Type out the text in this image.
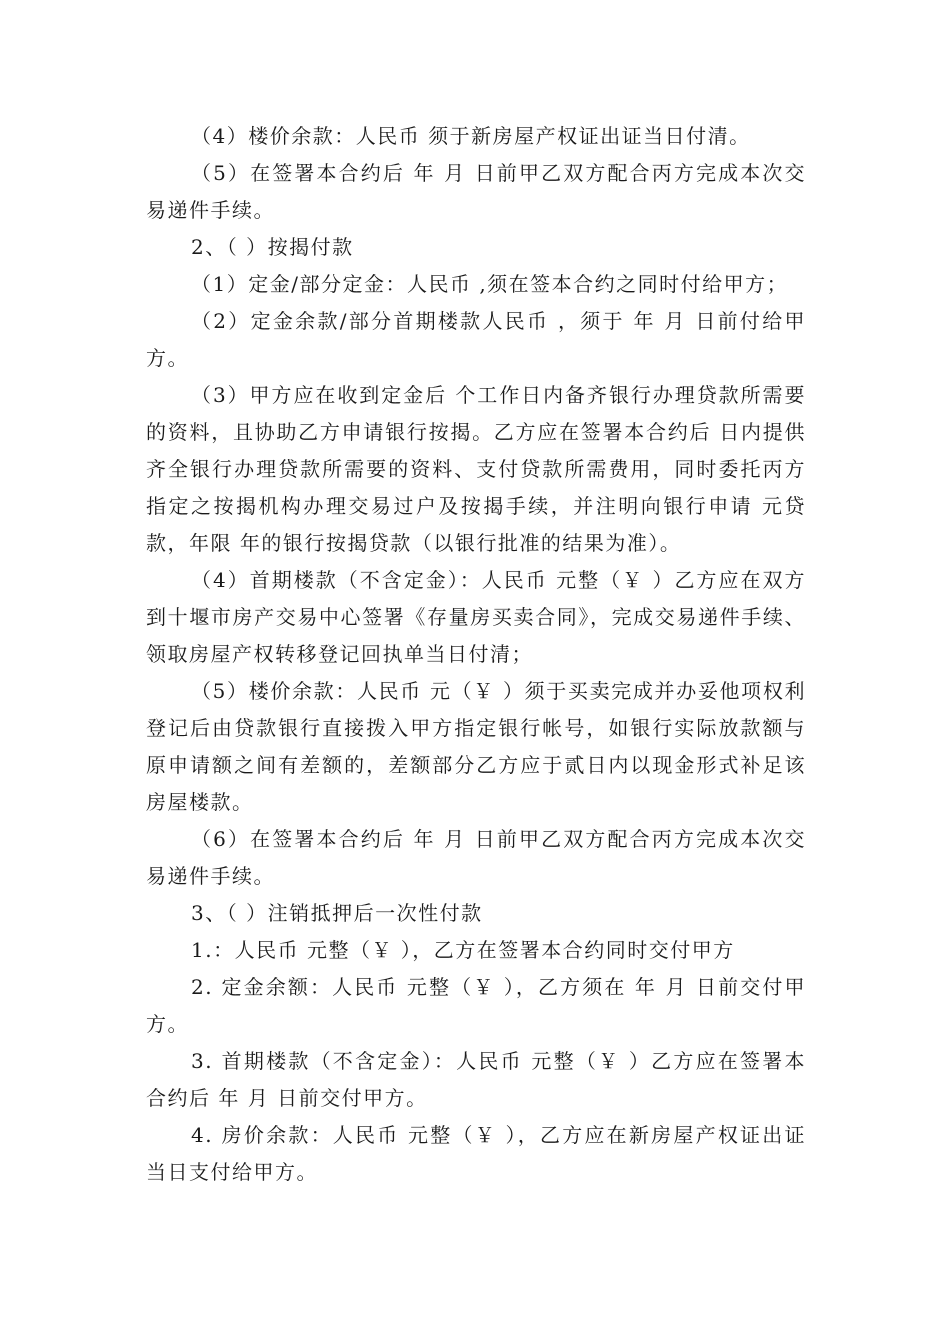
（4）楼价余款：人民币 须于新房屋产权证出证当日付清。

（5）在签署本合约后 年 月 日前甲乙双方配合丙方完成本次交易递件手续。

2、（ ）按揭付款

（1）定金/部分定金：人民币 ,须在签本合约之同时付给甲方；

（2）定金余款/部分首期楼款人民币 ，须于 年 月 日前付给甲方。

（3）甲方应在收到定金后 个工作日内备齐银行办理贷款所需要的资料，且协助乙方申请银行按揭。乙方应在签署本合约后 日内提供齐全银行办理贷款所需要的资料、支付贷款所需费用，同时委托丙方指定之按揭机构办理交易过户及按揭手续，并注明向银行申请 元贷款，年限 年的银行按揭贷款（以银行批准的结果为准）。

（4）首期楼款（不含定金）：人民币 元整（￥ ）乙方应在双方到十堰市房产交易中心签署《存量房买卖合同》，完成交易递件手续、领取房屋产权转移登记回执单当日付清；

（5）楼价余款：人民币 元（￥ ）须于买卖完成并办妥他项权利登记后由贷款银行直接拨入甲方指定银行帐号，如银行实际放款额与原申请额之间有差额的，差额部分乙方应于贰日内以现金形式补足该房屋楼款。

（6）在签署本合约后 年 月 日前甲乙双方配合丙方完成本次交易递件手续。

3、（ ）注销抵押后一次性付款

1.：人民币 元整（￥ ），乙方在签署本合约同时交付甲方

2. 定金余额：人民币 元整（￥ ），乙方须在 年 月 日前交付甲方。

3. 首期楼款（不含定金）：人民币 元整（￥ ）乙方应在签署本合约后 年 月 日前交付甲方。

4. 房价余款：人民币 元整（￥ ），乙方应在新房屋产权证出证当日支付给甲方。
